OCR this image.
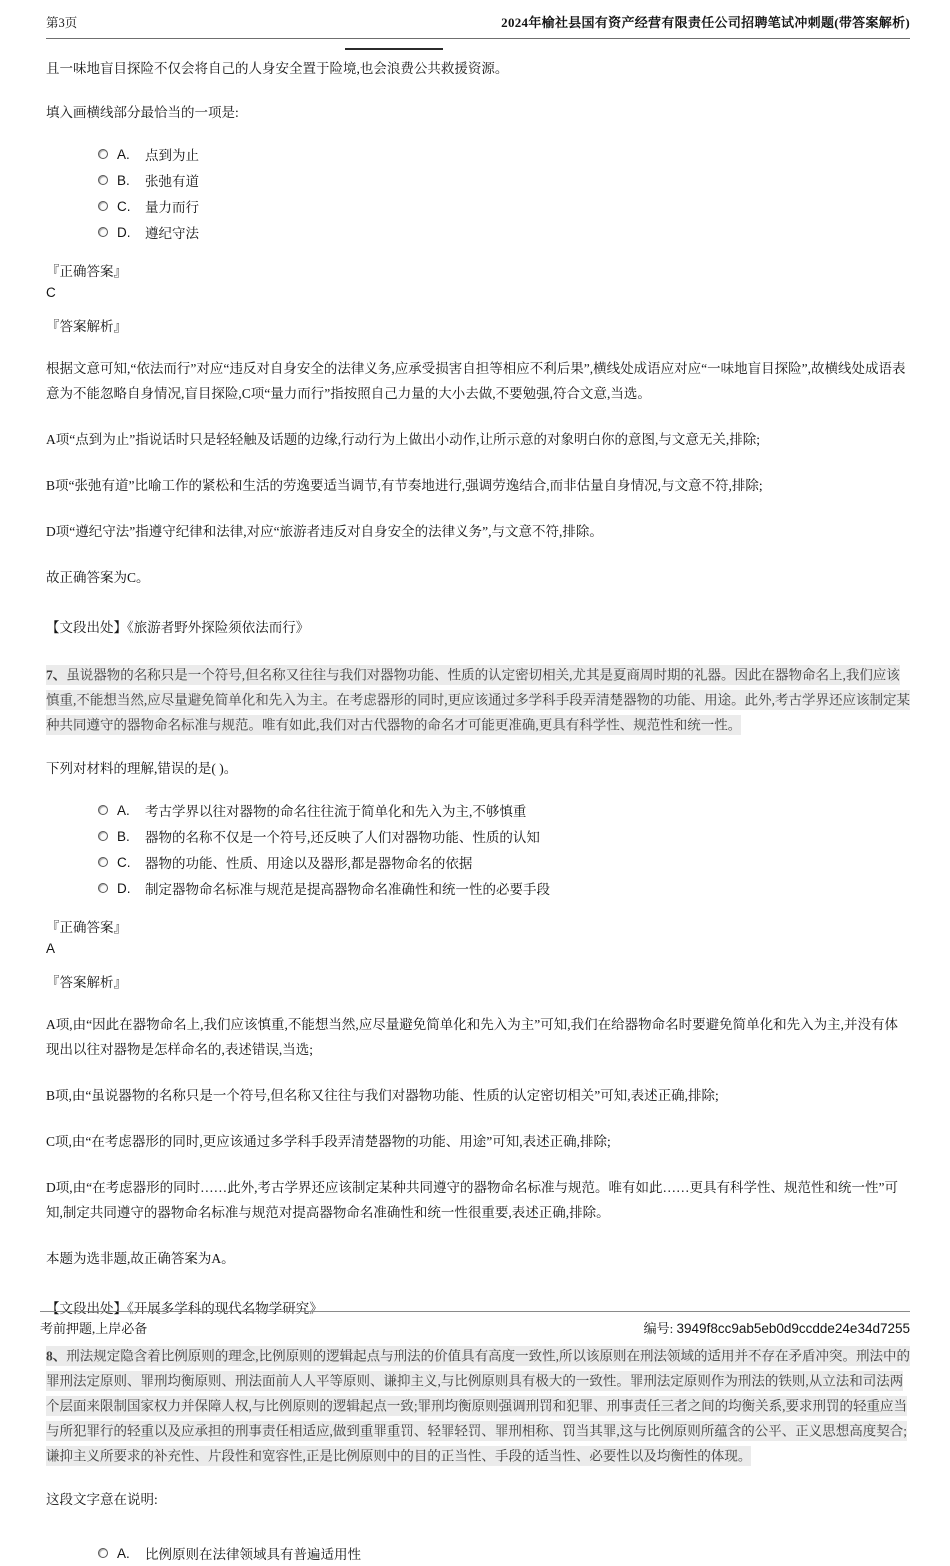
第3页	2024年榆社县国有资产经营有限责任公司招聘笔试冲刺题(带答案解析)

且一味地盲目探险不仅会将自己的人身安全置于险境,也会浪费公共救援资源。

填入画横线部分最恰当的一项是:

A.	点到为止
B.	张弛有道
C.	量力而行
D.	遵纪守法

『正确答案』

C

『答案解析』

根据文意可知,“依法而行”对应“违反对自身安全的法律义务,应承受损害自担等相应不利后果”,横线处成语应对应“一味地盲目探险”,故横线处成语表意为不能忽略自身情况,盲目探险,C项“量力而行”指按照自己力量的大小去做,不要勉强,符合文意,当选。

A项“点到为止”指说话时只是轻轻触及话题的边缘,行动行为上做出小动作,让所示意的对象明白你的意图,与文意无关,排除;

B项“张弛有道”比喻工作的紧松和生活的劳逸要适当调节,有节奏地进行,强调劳逸结合,而非估量自身情况,与文意不符,排除;

D项“遵纪守法”指遵守纪律和法律,对应“旅游者违反对自身安全的法律义务”,与文意不符,排除。

故正确答案为C。

【文段出处】《旅游者野外探险须依法而行》

7、虽说器物的名称只是一个符号,但名称又往往与我们对器物功能、性质的认定密切相关,尤其是夏商周时期的礼器。因此在器物命名上,我们应该慎重,不能想当然,应尽量避免简单化和先入为主。在考虑器形的同时,更应该通过多学科手段弄清楚器物的功能、用途。此外,考古学界还应该制定某种共同遵守的器物命名标准与规范。唯有如此,我们对古代器物的命名才可能更准确,更具有科学性、规范性和统一性。

下列对材料的理解,错误的是( )。

A.	考古学界以往对器物的命名往往流于简单化和先入为主,不够慎重
B.	器物的名称不仅是一个符号,还反映了人们对器物功能、性质的认知
C.	器物的功能、性质、用途以及器形,都是器物命名的依据
D.	制定器物命名标准与规范是提高器物命名准确性和统一性的必要手段

『正确答案』

A

『答案解析』

A项,由“因此在器物命名上,我们应该慎重,不能想当然,应尽量避免简单化和先入为主”可知,我们在给器物命名时要避免简单化和先入为主,并没有体现出以往对器物是怎样命名的,表述错误,当选;

B项,由“虽说器物的名称只是一个符号,但名称又往往与我们对器物功能、性质的认定密切相关”可知,表述正确,排除;

C项,由“在考虑器形的同时,更应该通过多学科手段弄清楚器物的功能、用途”可知,表述正确,排除;

D项,由“在考虑器形的同时……此外,考古学界还应该制定某种共同遵守的器物命名标准与规范。唯有如此……更具有科学性、规范性和统一性”可知,制定共同遵守的器物命名标准与规范对提高器物命名准确性和统一性很重要,表述正确,排除。

本题为选非题,故正确答案为A。

【文段出处】《开展多学科的现代名物学研究》

8、刑法规定隐含着比例原则的理念,比例原则的逻辑起点与刑法的价值具有高度一致性,所以该原则在刑法领域的适用并不存在矛盾冲突。刑法中的罪刑法定原则、罪刑均衡原则、刑法面前人人平等原则、谦抑主义,与比例原则具有极大的一致性。罪刑法定原则作为刑法的铁则,从立法和司法两个层面来限制国家权力并保障人权,与比例原则的逻辑起点一致;罪刑均衡原则强调刑罚和犯罪、刑事责任三者之间的均衡关系,要求刑罚的轻重应当与所犯罪行的轻重以及应承担的刑事责任相适应,做到重罪重罚、轻罪轻罚、罪刑相称、罚当其罪,这与比例原则所蕴含的公平、正义思想高度契合;谦抑主义所要求的补充性、片段性和宽容性,正是比例原则中的目的正当性、手段的适当性、必要性以及均衡性的体现。

这段文字意在说明:

A.	比例原则在法律领域具有普遍适用性
考前押题,上岸必备	编号: 3949f8cc9ab5eb0d9ccdde24e34d7255
